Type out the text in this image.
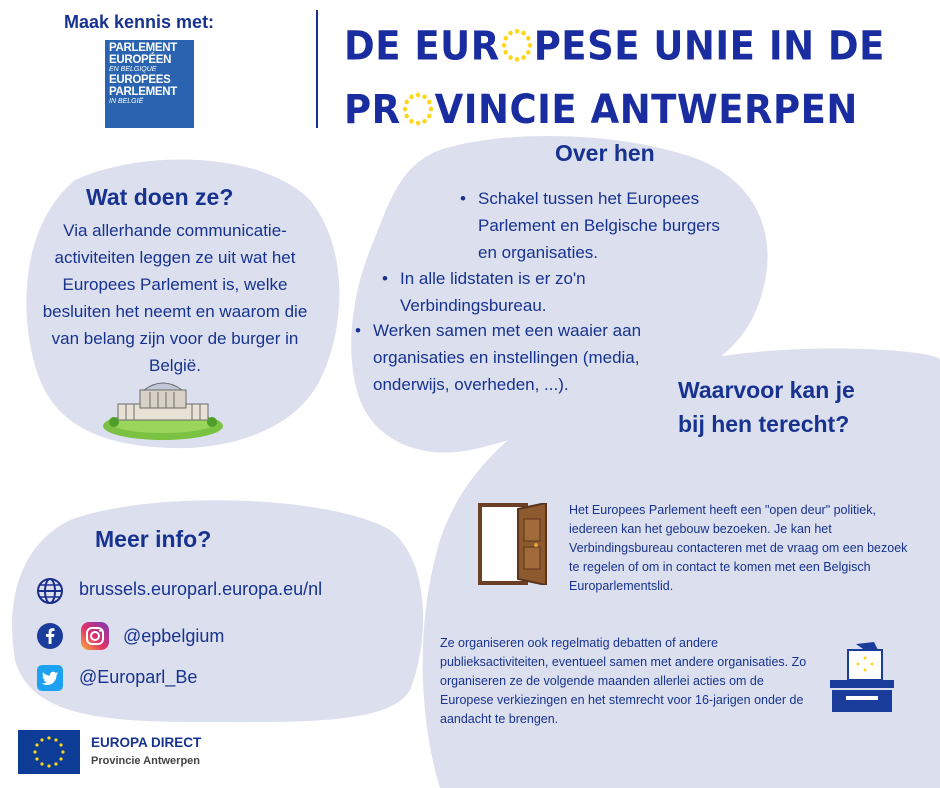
Maak kennis met:
PARLEMENT
EUROPÉEN
EN BELGIQUE
EUROPEES
PARLEMENT
IN BELGIË
DE EUR PESE UNIE IN DE
PR VINCIE ANTWERPEN
Wat doen ze?
Via allerhande communicatie-activiteiten leggen ze uit wat het Europees Parlement is, welke besluiten het neemt en waarom die van belang zijn voor de burger in België.
Over hen
• Schakel tussen het Europees Parlement en Belgische burgers en organisaties.
• In alle lidstaten is er zo'n Verbindingsbureau.
• Werken samen met een waaier aan organisaties en instellingen (media, onderwijs, overheden, ...).	Waarvoor kan je
bij hen terecht?
Het Europees Parlement heeft een "open deur" politiek, iedereen kan het gebouw bezoeken. Je kan het Verbindingsbureau contacteren met de vraag om een bezoek te regelen of om in contact te komen met een Belgisch Europarlementslid.
Ze organiseren ook regelmatig debatten of andere publieksactiviteiten, eventueel samen met andere organisaties. Zo organiseren ze de volgende maanden allerlei acties om de Europese verkiezingen en het stemrecht voor 16-jarigen onder de aandacht te brengen.
Meer info?
brussels.europarl.europa.eu/nl
@epbelgium
@Europarl_Be
EUROPA DIRECT
Provincie Antwerpen
